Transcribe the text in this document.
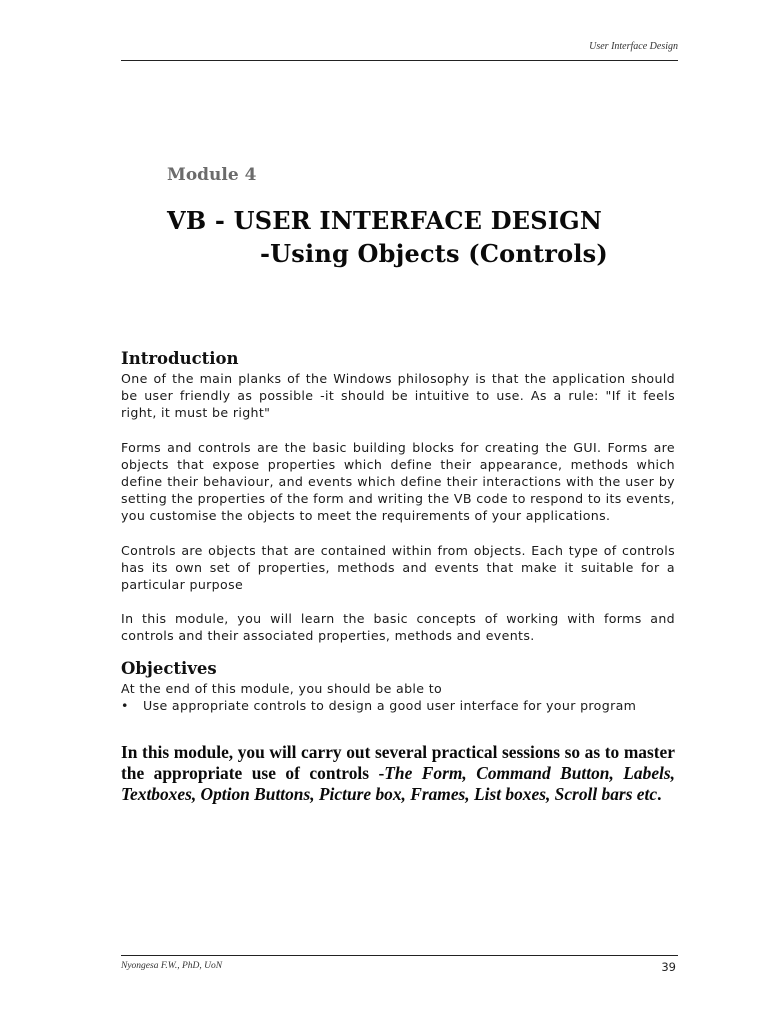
User Interface Design
Module 4
VB - USER INTERFACE DESIGN
-Using Objects (Controls)
Introduction

One of the main planks of the Windows philosophy is that the application should be user friendly as possible -it should be intuitive to use. As a rule: "If it feels right, it must be right"

Forms and controls are the basic building blocks for creating the GUI. Forms are objects that expose properties which define their appearance, methods which define their behaviour, and events which define their interactions with the user by setting the properties of the form and writing the VB code to respond to its events, you customise the objects to meet the requirements of your applications.

Controls are objects that are contained within from objects. Each type of controls has its own set of properties, methods and events that make it suitable for a particular purpose

In this module, you will learn the basic concepts of working with forms and controls and their associated properties, methods and events.

Objectives

At the end of this module, you should be able to

• Use appropriate controls to design a good user interface for your program
In this module, you will carry out several practical sessions so as to master the appropriate use of controls -The Form, Command Button, Labels, Textboxes, Option Buttons, Picture box, Frames, List boxes, Scroll bars etc.
Nyongesa F.W., PhD, UoN	39
